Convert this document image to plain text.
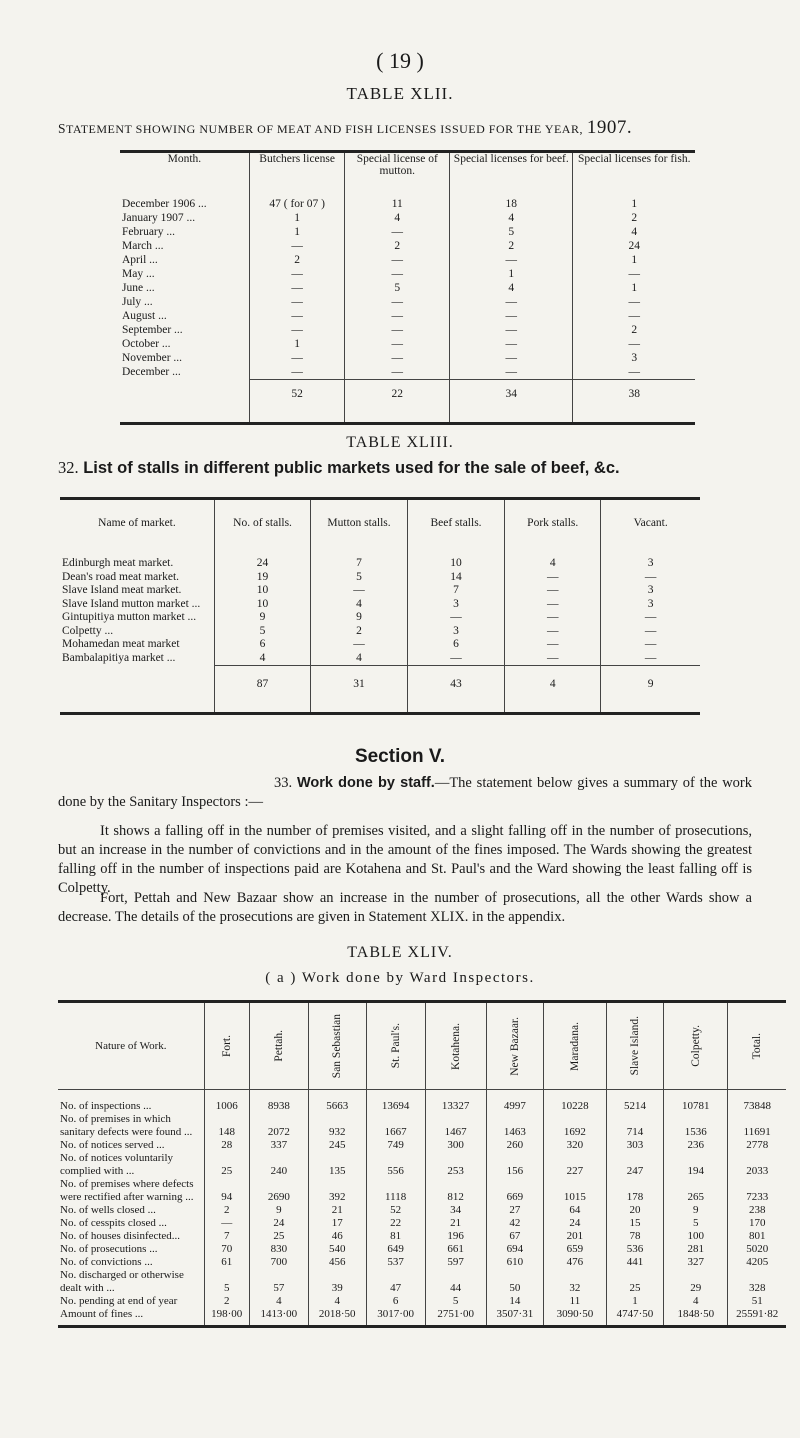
( 19 )
TABLE XLII.
STATEMENT SHOWING NUMBER OF MEAT AND FISH LICENSES ISSUED FOR THE YEAR, 1907.
Month.	Butchers license	Special license of mutton.	Special licenses for beef.	Special licenses for fish.
December 1906 ...	47 ( for 07 )	11	18	1
January 1907 ...	1	4	4	2
February ...	1	—	5	4
March ...	—	2	2	24
April ...	2	—	—	1
May ...	—	—	1	—
June ...	—	5	4	1
July ...	—	—	—	—
August ...	—	—	—	—
September ...	—	—	—	2
October ...	1	—	—	—
November ...	—	—	—	3
December ...	—	—	—	—
	52	22	34	38
TABLE XLIII.
32. List of stalls in different public markets used for the sale of beef, &c.
Name of market.	No. of stalls.	Mutton stalls.	Beef stalls.	Pork stalls.	Vacant.
Edinburgh meat market.	24	7	10	4	3
Dean's road meat market.	19	5	14	—	—
Slave Island meat market.	10	—	7	—	3
Slave Island mutton market ...	10	4	3	—	3
Gintupitiya mutton market ...	9	9	—	—	—
Colpetty ...	5	2	3	—	—
Mohamedan meat market	6	—	6	—	—
Bambalapitiya market ...	4	4	—	—	—
	87	31	43	4	9
Section V.
33. Work done by staff.—The statement below gives a summary of the work done by the Sanitary Inspectors :—
It shows a falling off in the number of premises visited, and a slight falling off in the number of prosecutions, but an increase in the number of convictions and in the amount of the fines imposed. The Wards showing the greatest falling off in the number of inspections paid are Kotahena and St. Paul's and the Ward showing the least falling off is Colpetty.
Fort, Pettah and New Bazaar show an increase in the number of prosecutions, all the other Wards show a decrease. The details of the prosecutions are given in Statement XLIX. in the appendix.
TABLE XLIV.
( a ) Work done by Ward Inspectors.
Nature of Work.	Fort.	Pettah.	San Sebastian	St. Paul's.	Kotahena.	New Bazaar.	Maradana.	Slave Island.	Colpetty.	Total.

No. of inspections ...	1006	8938	5663	13694	13327	4997	10228	5214	10781	73848
No. of premises in which sanitary defects were found ...	148	2072	932	1667	1467	1463	1692	714	1536	11691
No. of notices served ...	28	337	245	749	300	260	320	303	236	2778
No. of notices voluntarily complied with ...	25	240	135	556	253	156	227	247	194	2033
No. of premises where defects were rectified after warning ...	94	2690	392	1118	812	669	1015	178	265	7233
No. of wells closed ...	2	9	21	52	34	27	64	20	9	238
No. of cesspits closed ...	—	24	17	22	21	42	24	15	5	170
No. of houses disinfected...	7	25	46	81	196	67	201	78	100	801
No. of prosecutions ...	70	830	540	649	661	694	659	536	281	5020
No. of convictions ...	61	700	456	537	597	610	476	441	327	4205
No. discharged or otherwise dealt with ...	5	57	39	47	44	50	32	25	29	328
No. pending at end of year	2	4	4	6	5	14	11	1	4	51
Amount of fines ...	198·00	1413·00	2018·50	3017·00	2751·00	3507·31	3090·50	4747·50	1848·50	25591·82
